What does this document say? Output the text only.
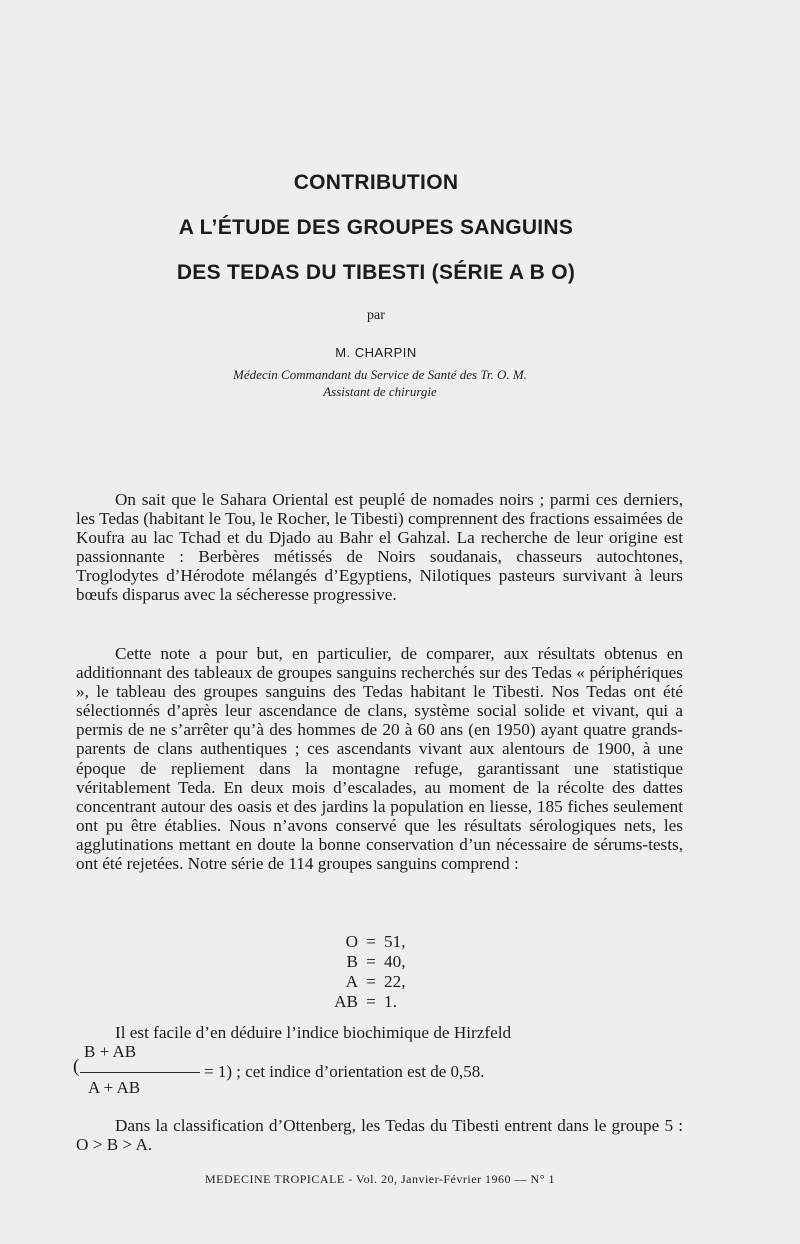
CONTRIBUTION
A L’ÉTUDE DES GROUPES SANGUINS
DES TEDAS DU TIBESTI (SÉRIE A B O)
par
M. CHARPIN
Médecin Commandant du Service de Santé des Tr. O. M.
Assistant de chirurgie

On sait que le Sahara Oriental est peuplé de nomades noirs ; parmi ces derniers, les Tedas (habitant le Tou, le Rocher, le Tibesti) comprennent des fractions essaimées de Koufra au lac Tchad et du Djado au Bahr el Gahzal. La recherche de leur origine est passionnante : Berbères métissés de Noirs soudanais, chasseurs autochtones, Troglodytes d’Hérodote mélangés d’Egyptiens, Nilotiques pasteurs survivant à leurs bœufs disparus avec la sécheresse progressive.

Cette note a pour but, en particulier, de comparer, aux résultats obtenus en additionnant des tableaux de groupes sanguins recherchés sur des Tedas « périphériques », le tableau des groupes sanguins des Tedas habitant le Tibesti. Nos Tedas ont été sélectionnés d’après leur ascendance de clans, système social solide et vivant, qui a permis de ne s’arrêter qu’à des hommes de 20 à 60 ans (en 1950) ayant quatre grands-parents de clans authentiques ; ces ascendants vivant aux alentours de 1900, à une époque de repliement dans la montagne refuge, garantissant une statistique véritablement Teda. En deux mois d’escalades, au moment de la récolte des dattes concentrant autour des oasis et des jardins la population en liesse, 185 fiches seulement ont pu être établies. Nous n’avons conservé que les résultats sérologiques nets, les agglutinations mettant en doute la bonne conservation d’un nécessaire de sérums-tests, ont été rejetées. Notre série de 114 groupes sanguins comprend :

O = 51,
B = 40,
A = 22,
AB = 1.

Il est facile d’en déduire l’indice biochimique de Hirzfeld

B + AB
(
A + AB
= 1) ; cet indice d’orientation est de 0,58.

Dans la classification d’Ottenberg, les Tedas du Tibesti entrent dans le groupe 5 : O > B > A.

MEDECINE TROPICALE - Vol. 20, Janvier-Février 1960 — N° 1
